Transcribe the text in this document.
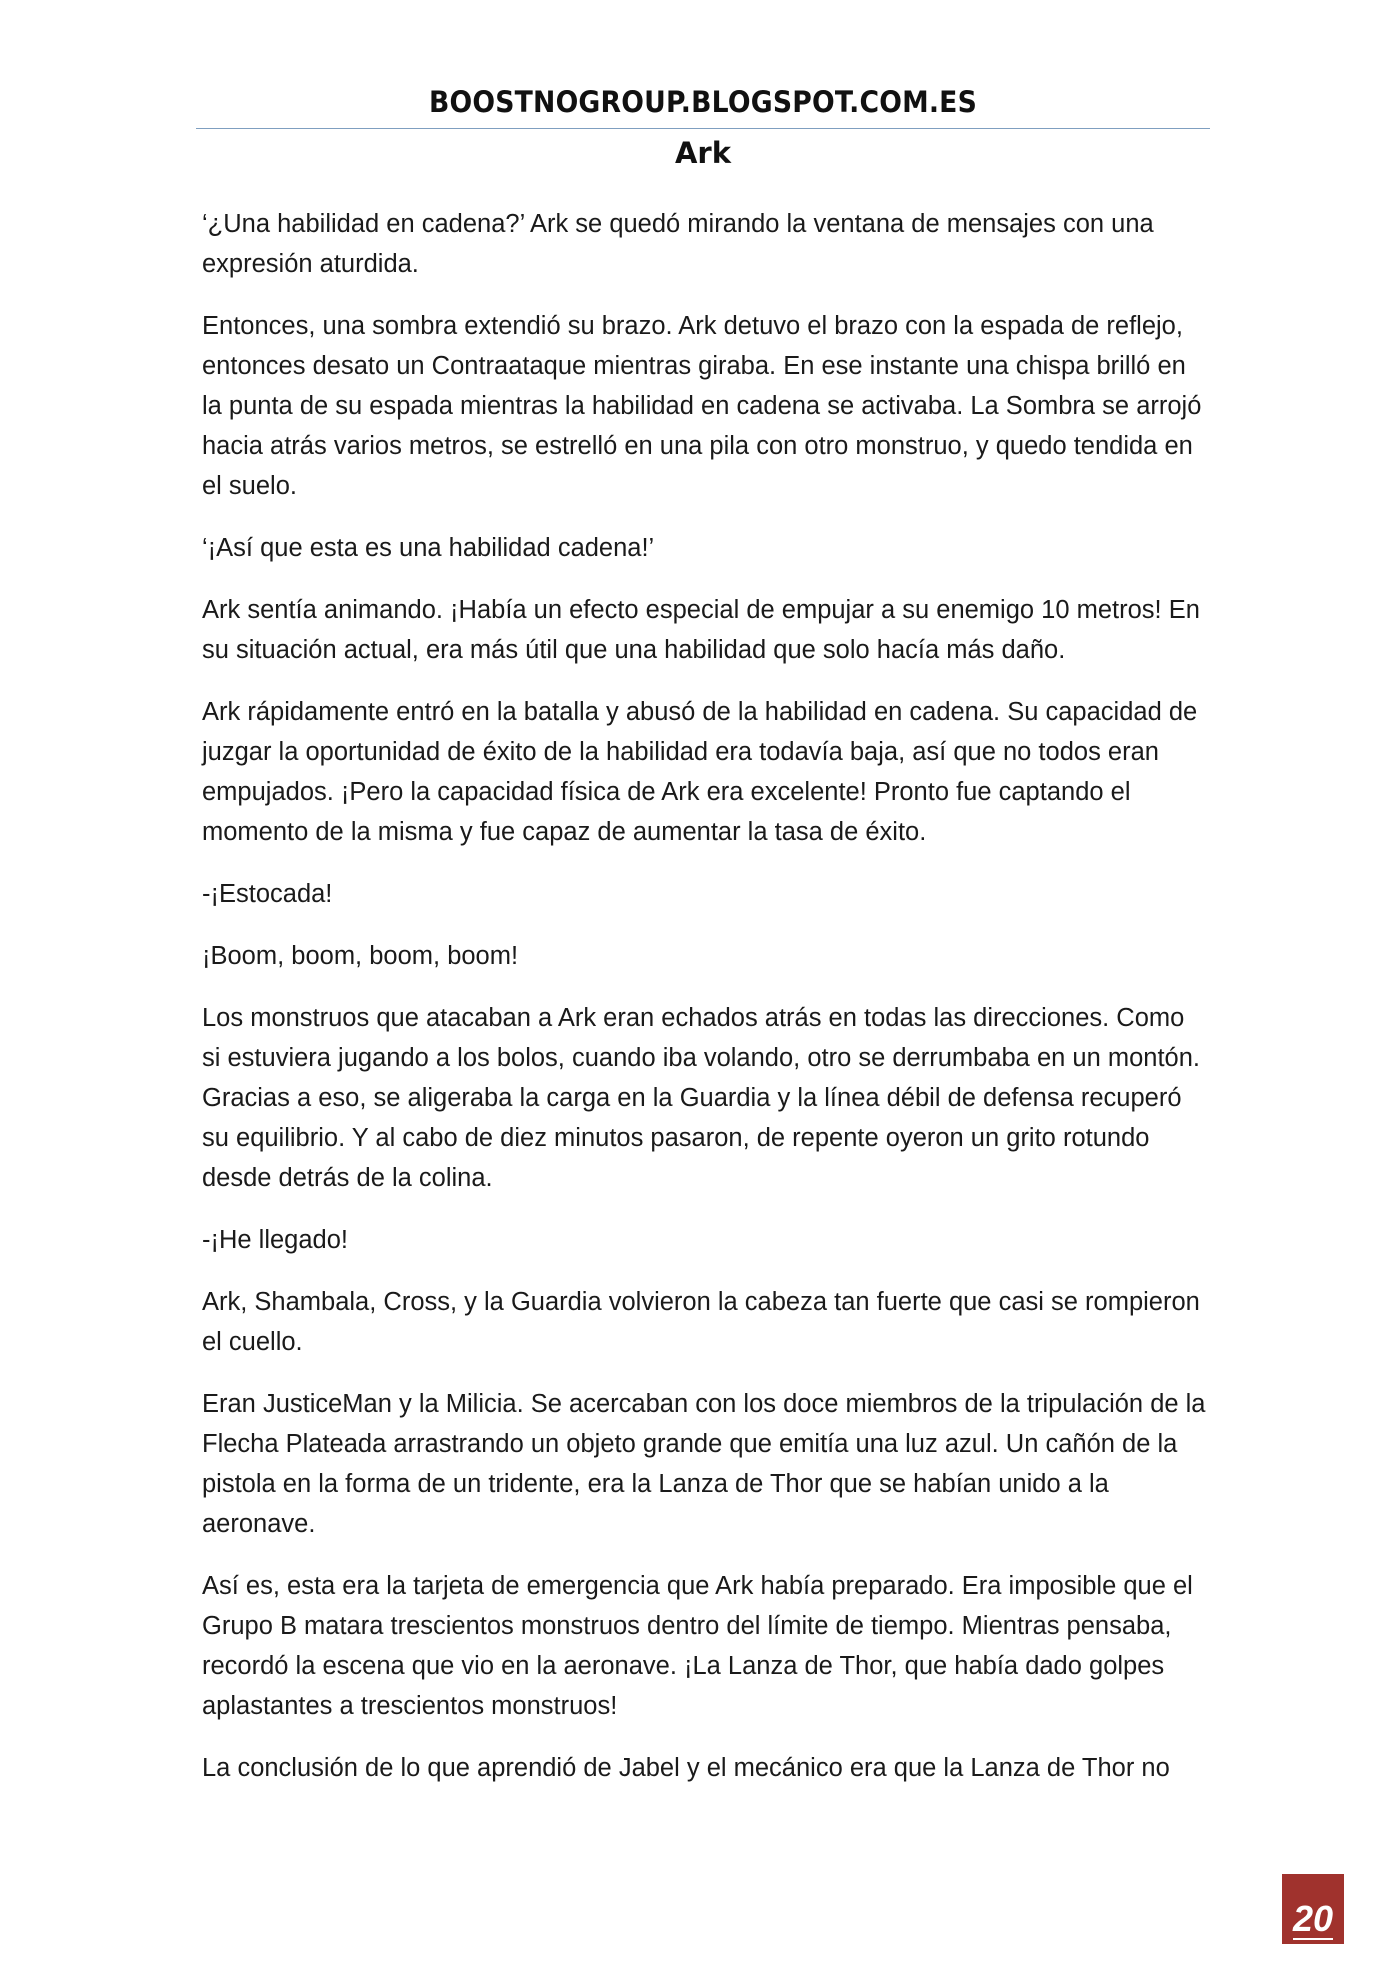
BOOSTNOGROUP.BLOGSPOT.COM.ES
Ark

‘¿Una habilidad en cadena?’ Ark se quedó mirando la ventana de mensajes con una expresión aturdida.

Entonces, una sombra extendió su brazo. Ark detuvo el brazo con la espada de reflejo, entonces desato un Contraataque mientras giraba. En ese instante una chispa brilló en la punta de su espada mientras la habilidad en cadena se activaba. La Sombra se arrojó hacia atrás varios metros, se estrelló en una pila con otro monstruo, y quedo tendida en el suelo.

‘¡Así que esta es una habilidad cadena!’

Ark sentía animando. ¡Había un efecto especial de empujar a su enemigo 10 metros! En su situación actual, era más útil que una habilidad que solo hacía más daño.

Ark rápidamente entró en la batalla y abusó de la habilidad en cadena. Su capacidad de juzgar la oportunidad de éxito de la habilidad era todavía baja, así que no todos eran empujados. ¡Pero la capacidad física de Ark era excelente! Pronto fue captando el momento de la misma y fue capaz de aumentar la tasa de éxito.

-¡Estocada!

¡Boom, boom, boom, boom!

Los monstruos que atacaban a Ark eran echados atrás en todas las direcciones. Como si estuviera jugando a los bolos, cuando iba volando, otro se derrumbaba en un montón. Gracias a eso, se aligeraba la carga en la Guardia y la línea débil de defensa recuperó su equilibrio. Y al cabo de diez minutos pasaron, de repente oyeron un grito rotundo desde detrás de la colina.

-¡He llegado!

Ark, Shambala, Cross, y la Guardia volvieron la cabeza tan fuerte que casi se rompieron el cuello.

Eran JusticeMan y la Milicia. Se acercaban con los doce miembros de la tripulación de la Flecha Plateada arrastrando un objeto grande que emitía una luz azul. Un cañón de la pistola en la forma de un tridente, era la Lanza de Thor que se habían unido a la aeronave.

Así es, esta era la tarjeta de emergencia que Ark había preparado. Era imposible que el Grupo B matara trescientos monstruos dentro del límite de tiempo. Mientras pensaba, recordó la escena que vio en la aeronave. ¡La Lanza de Thor, que había dado golpes aplastantes a trescientos monstruos!

La conclusión de lo que aprendió de Jabel y el mecánico era que la Lanza de Thor no

20
